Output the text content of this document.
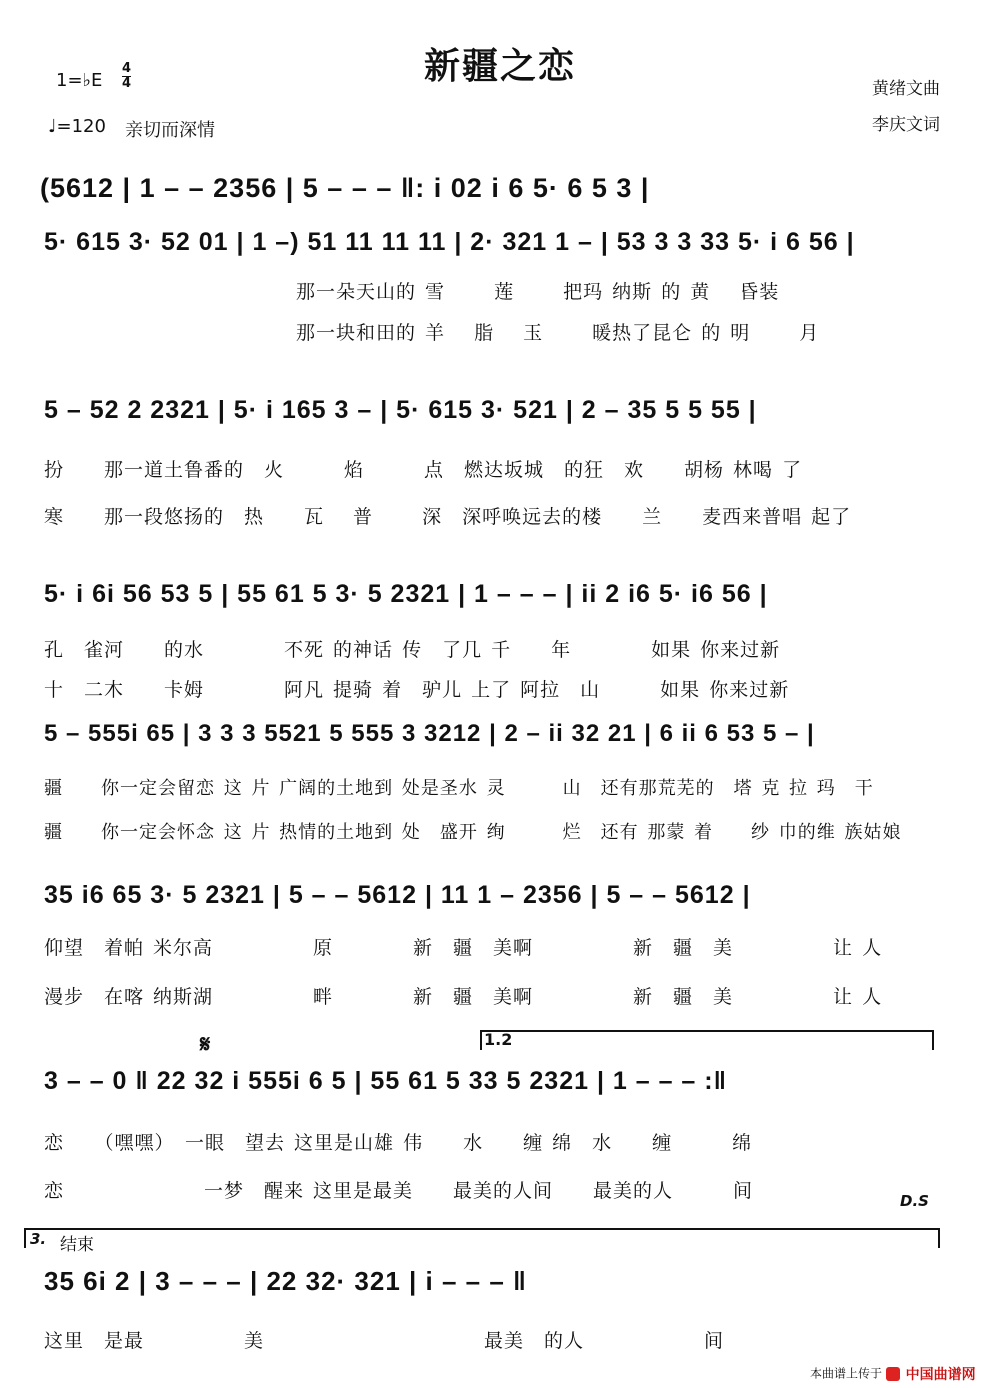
新疆之恋
1=♭E $\frac{4}{4}$
♩=120 亲切而深情
黄绪文曲
李庆文词
(5612 | 1 – – 2356 | 5 – – – ‖: i 02 i 6 5· 6 5 3 |
5· 615 3· 52 01 | 1 –) 51 11 11 11 | 2· 321 1 – | 53 3 3 33 5· i 6 56 |
那一朵天山的 雪　　 莲　　 把玛 纳斯 的 黄　 昏装
那一块和田的 羊　 脂　 玉　　 暖热了昆仑 的 明　　 月
5 – 52 2 2321 | 5· i 165 3 – | 5· 615 3· 521 | 2 – 35 5 5 55 |
扮　　那一道土鲁番的　火　　　焰　　　点　燃达坂城　的狂　欢　　胡杨 林喝 了
寒　　那一段悠扬的　热　　瓦　 普　　 深　深呼唤远去的楼　　兰　　麦西来普唱 起了
5· i 6i 56 53 5 | 55 61 5 3· 5 2321 | 1 – – – | ii 2 i6 5· i6 56 |
孔　雀河　　的水　　　　不死 的神话 传　了几 千　　年　　　　如果 你来过新
十　二木　　卡姆　　　　阿凡 提骑 着　驴儿 上了 阿拉　山　　　如果 你来过新
5 – 555i 65 | 3 3 3 5521 5 555 3 3212 | 2 – ii 32 21 | 6 ii 6 53 5 – |
疆　　你一定会留恋 这 片 广阔的土地到 处是圣水 灵　　　山　还有那荒芜的　塔 克 拉 玛　干
疆　　你一定会怀念 这 片 热情的土地到 处　盛开 绚　　　烂　还有 那蒙 着　　纱 巾的维 族姑娘
35 i6 65 3· 5 2321 | 5 – – 5612 | 11 1 – 2356 | 5 – – 5612 |
仰望　着帕 米尔高　　　　　原　　　　新　疆　美啊　　　　　新　疆　美　　　　　让 人
漫步　在喀 纳斯湖　　　　　畔　　　　新　疆　美啊　　　　　新　疆　美　　　　　让 人
𝄋	1.2
3 – – 0 ‖ 22 32 i 555i 6 5 | 55 61 5 33 5 2321 | 1 – – – :‖
恋　　（嘿嘿）　一眼　望去 这里是山雄 伟　　水　　缠 绵　水　　缠　　　绵
恋　　　　　　　一梦　醒来 这里是最美　　最美的人间　　最美的人　　　间	D.S
3. 结束
35 6i 2 | 3 – – – | 22 32· 321 | i – – – ‖
这里　是最　　　　　美　　　　　　　　　　　最美　的人　　　　　　间
本曲谱上传于 中国曲谱网
